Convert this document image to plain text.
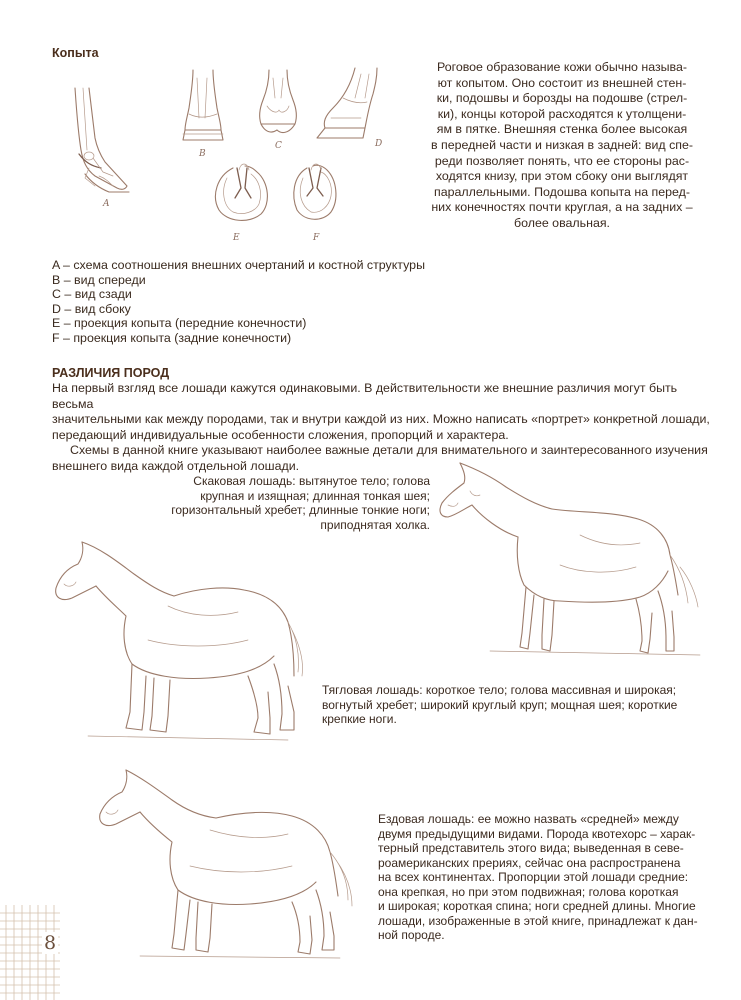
Копыта
A
B
C	D
E	F
Роговое образование кожи обычно называ-
ют копытом. Оно состоит из внешней стен-
ки, подошвы и борозды на подошве (стрел-
ки), концы которой расходятся к утолщени-
ям в пятке. Внешняя стенка более высокая
в передней части и низкая в задней: вид спе-
реди позволяет понять, что ее стороны рас-
ходятся книзу, при этом сбоку они выглядят
параллельными. Подошва копыта на перед-
них конечностях почти круглая, а на задних –
более овальная.
A – схема соотношения внешних очертаний и костной структуры
B – вид спереди
C – вид сзади
D – вид сбоку
E – проекция копыта (передние конечности)
F – проекция копыта (задние конечности)
РАЗЛИЧИЯ ПОРОД
На первый взгляд все лошади кажутся одинаковыми. В действительности же внешние различия могут быть весьма
значительными как между породами, так и внутри каждой из них. Можно написать «портрет» конкретной лошади,
передающий индивидуальные особенности сложения, пропорций и характера.
Схемы в данной книге указывают наиболее важные детали для внимательного и заинтересованного изучения
внешнего вида каждой отдельной лошади.
Скаковая лошадь: вытянутое тело; голова
крупная и изящная; длинная тонкая шея;
горизонтальный хребет; длинные тонкие ноги;
приподнятая холка.
Тягловая лошадь: короткое тело; голова массивная и широкая;
вогнутый хребет; широкий круглый круп; мощная шея; короткие
крепкие ноги.
Ездовая лошадь: ее можно назвать «средней» между
двумя предыдущими видами. Порода квотехорс – харак-
терный представитель этого вида; выведенная в севе-
роамериканских прериях, сейчас она распространена
на всех континентах. Пропорции этой лошади средние:
она крепкая, но при этом подвижная; голова короткая
и широкая; короткая спина; ноги средней длины. Многие
лошади, изображенные в этой книге, принадлежат к дан-
ной породе.
8
